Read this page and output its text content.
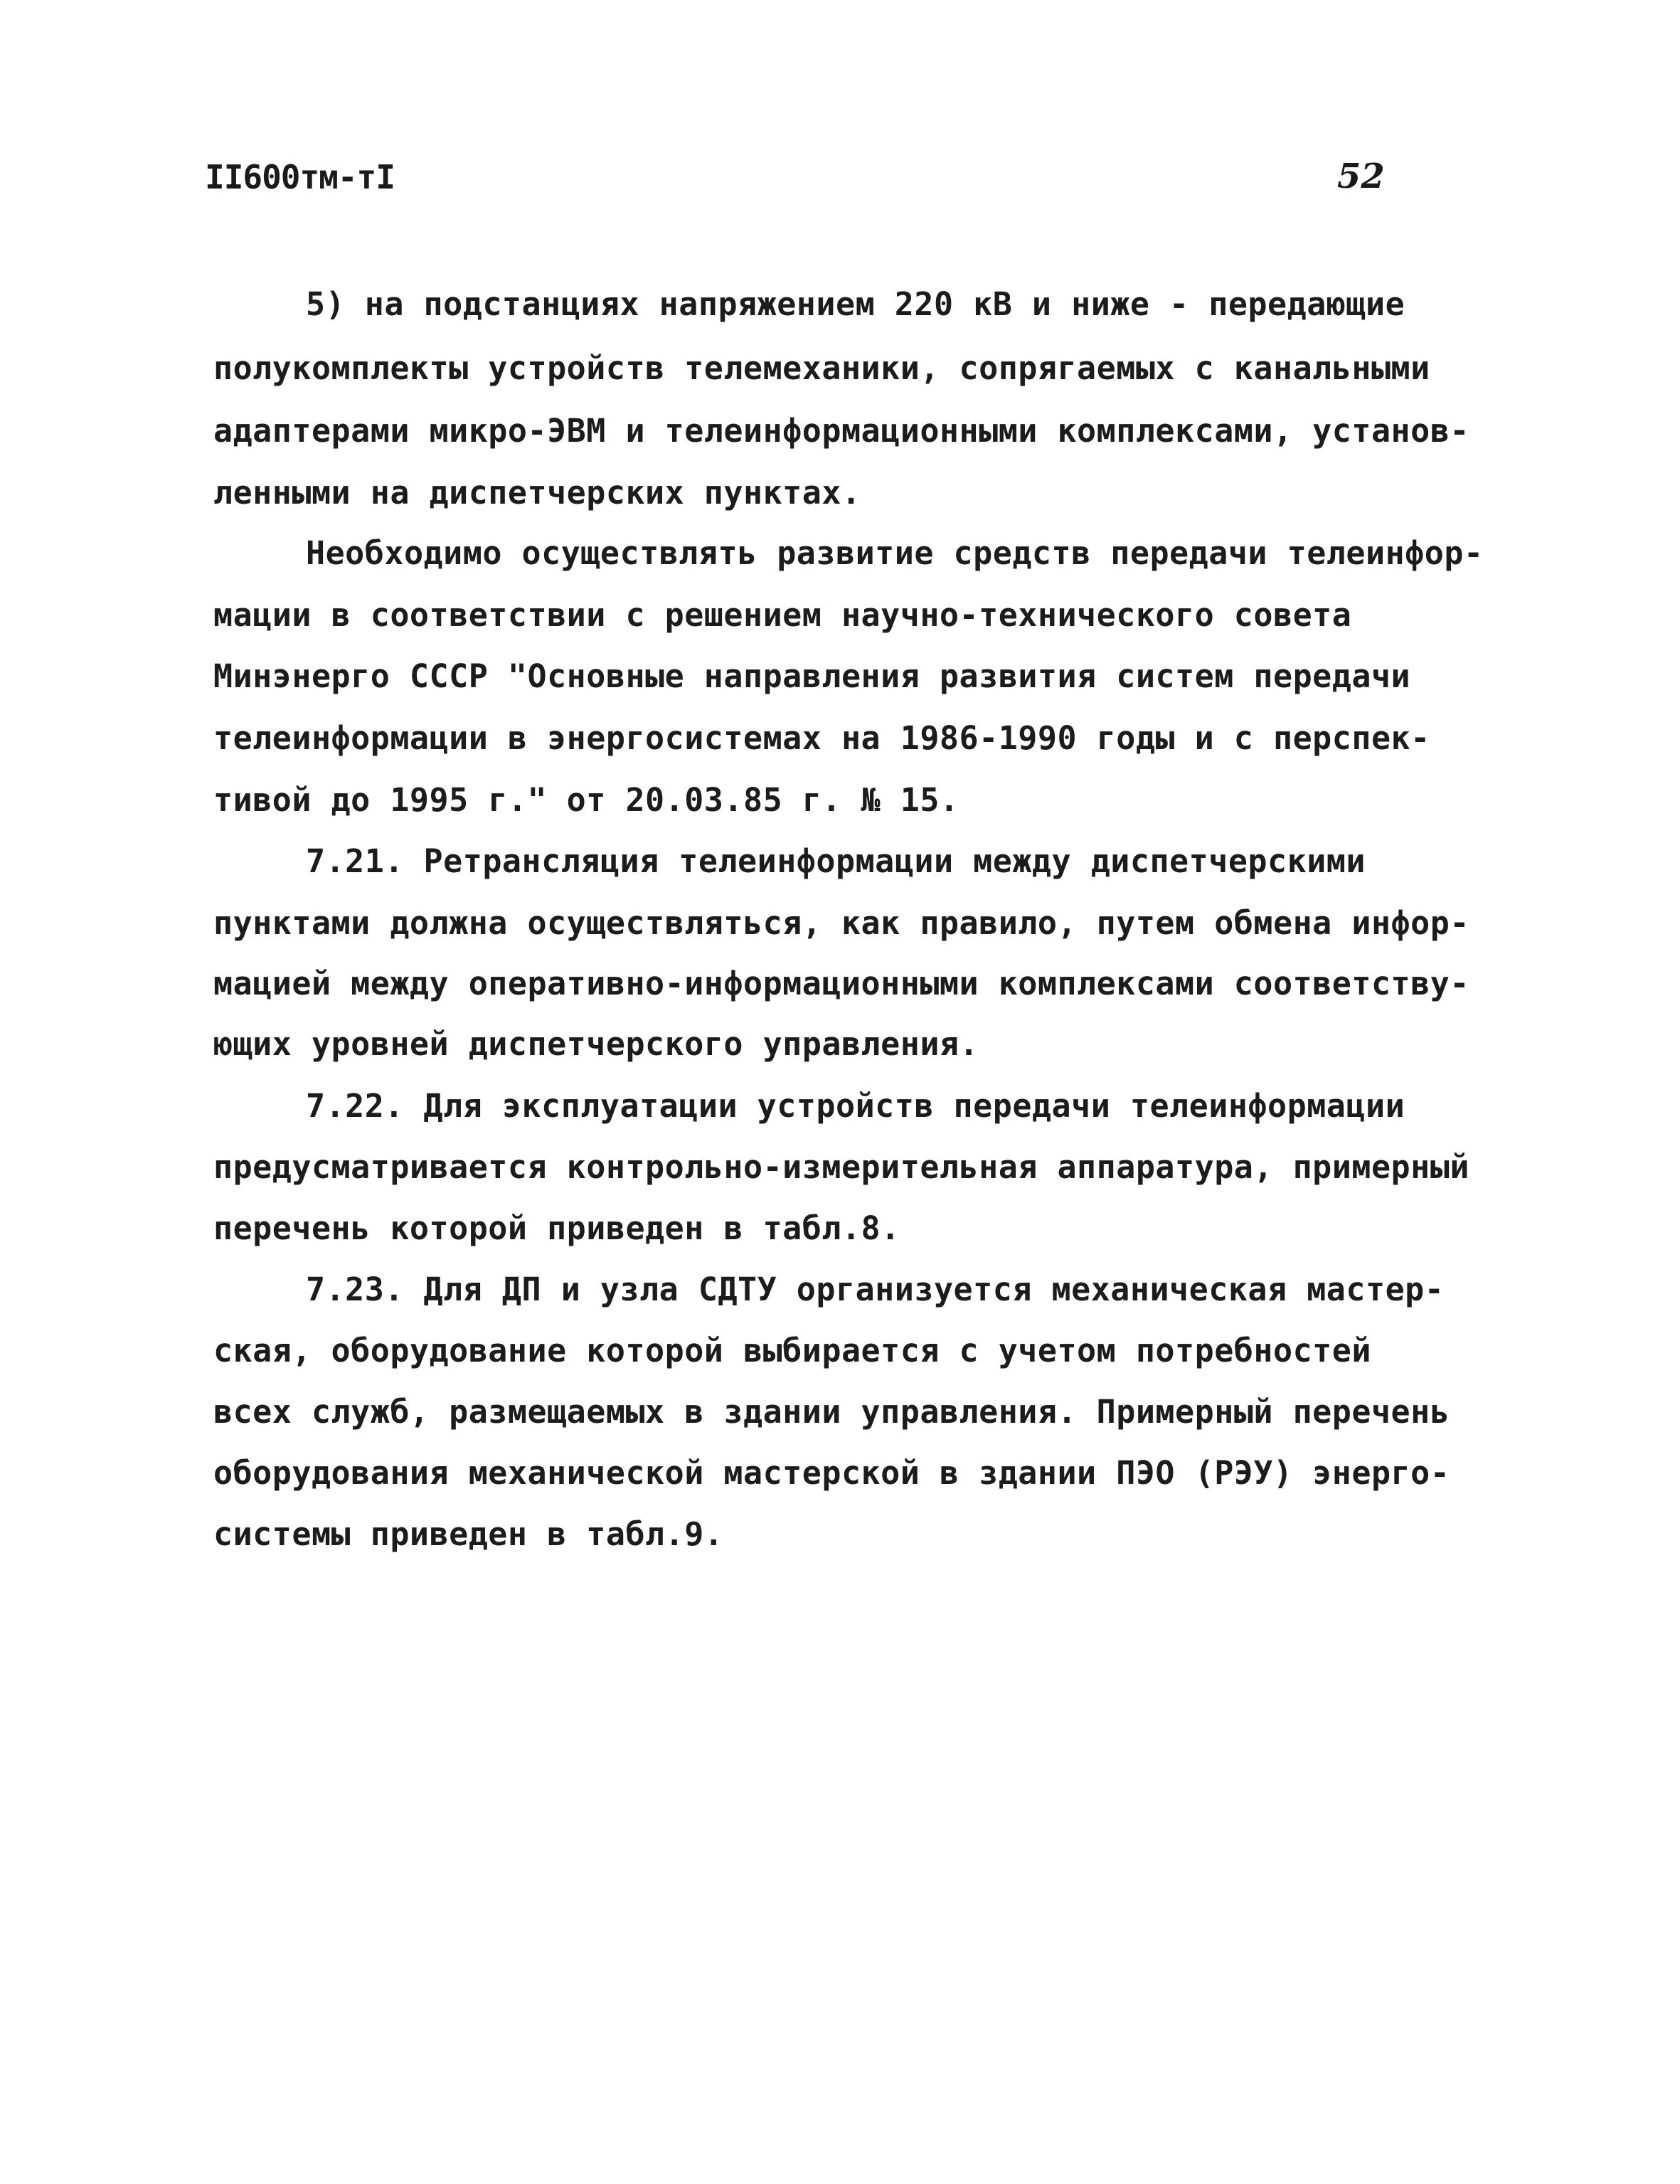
II600тм-тI	52
5) на подстанциях напряжением 220 кВ и ниже - передающие
полукомплекты устройств телемеханики, сопрягаемых с канальными
адаптерами микро-ЭВМ и телеинформационными комплексами, установ-
ленными на диспетчерских пунктах.
Необходимо осуществлять развитие средств передачи телеинфор-
мации в соответствии с решением научно-технического совета
Минэнерго СССР "Основные направления развития систем передачи
телеинформации в энергосистемах на 1986-1990 годы и с перспек-
тивой до 1995 г." от 20.03.85 г. № 15.
7.21. Ретрансляция телеинформации между диспетчерскими
пунктами должна осуществляться, как правило, путем обмена инфор-
мацией между оперативно-информационными комплексами соответству-
ющих уровней диспетчерского управления.
7.22. Для эксплуатации устройств передачи телеинформации
предусматривается контрольно-измерительная аппаратура, примерный
перечень которой приведен в табл.8.
7.23. Для ДП и узла СДТУ организуется механическая мастер-
ская, оборудование которой выбирается с учетом потребностей
всех служб, размещаемых в здании управления. Примерный перечень
оборудования механической мастерской в здании ПЭО (РЭУ) энерго-
системы приведен в табл.9.
